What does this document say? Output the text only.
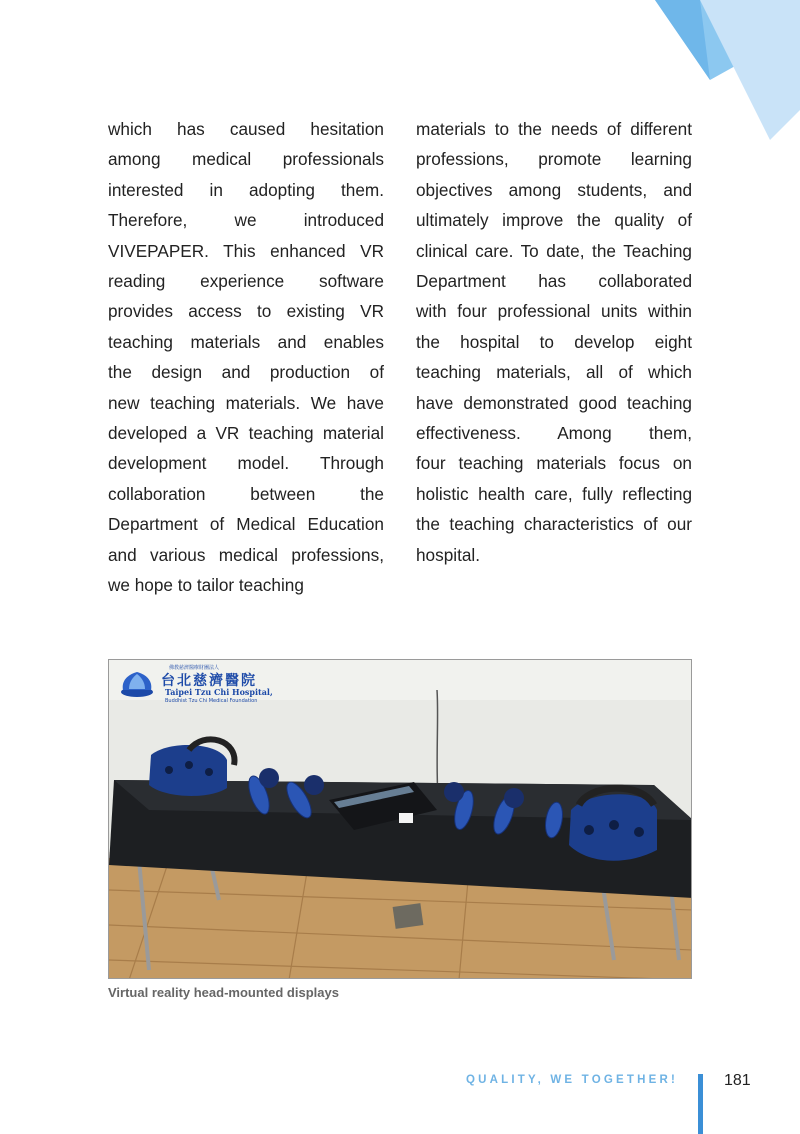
which has caused hesitation
among medical professionals
interested in adopting them.
Therefore, we introduced
VIVEPAPER. This enhanced VR
reading experience software
provides access to existing VR
teaching materials and enables
the design and production of
new teaching materials. We have
developed a VR teaching material
development model. Through
collaboration between the
Department of Medical Education
and various medical professions,
we hope to tailor teaching
materials to the needs of different
professions, promote learning
objectives among students, and
ultimately improve the quality of
clinical care. To date, the Teaching
Department has collaborated
with four professional units within
the hospital to develop eight
teaching materials, all of which
have demonstrated good teaching
effectiveness. Among them,
four teaching materials focus on
holistic health care, fully reflecting
the teaching characteristics of our
hospital.
佛教慈濟醫療財團法人
台北慈濟醫院
Taipei Tzu Chi Hospital,
Buddhist Tzu Chi Medical Foundation
Virtual reality head-mounted displays
QUALITY, WE TOGETHER!	181
